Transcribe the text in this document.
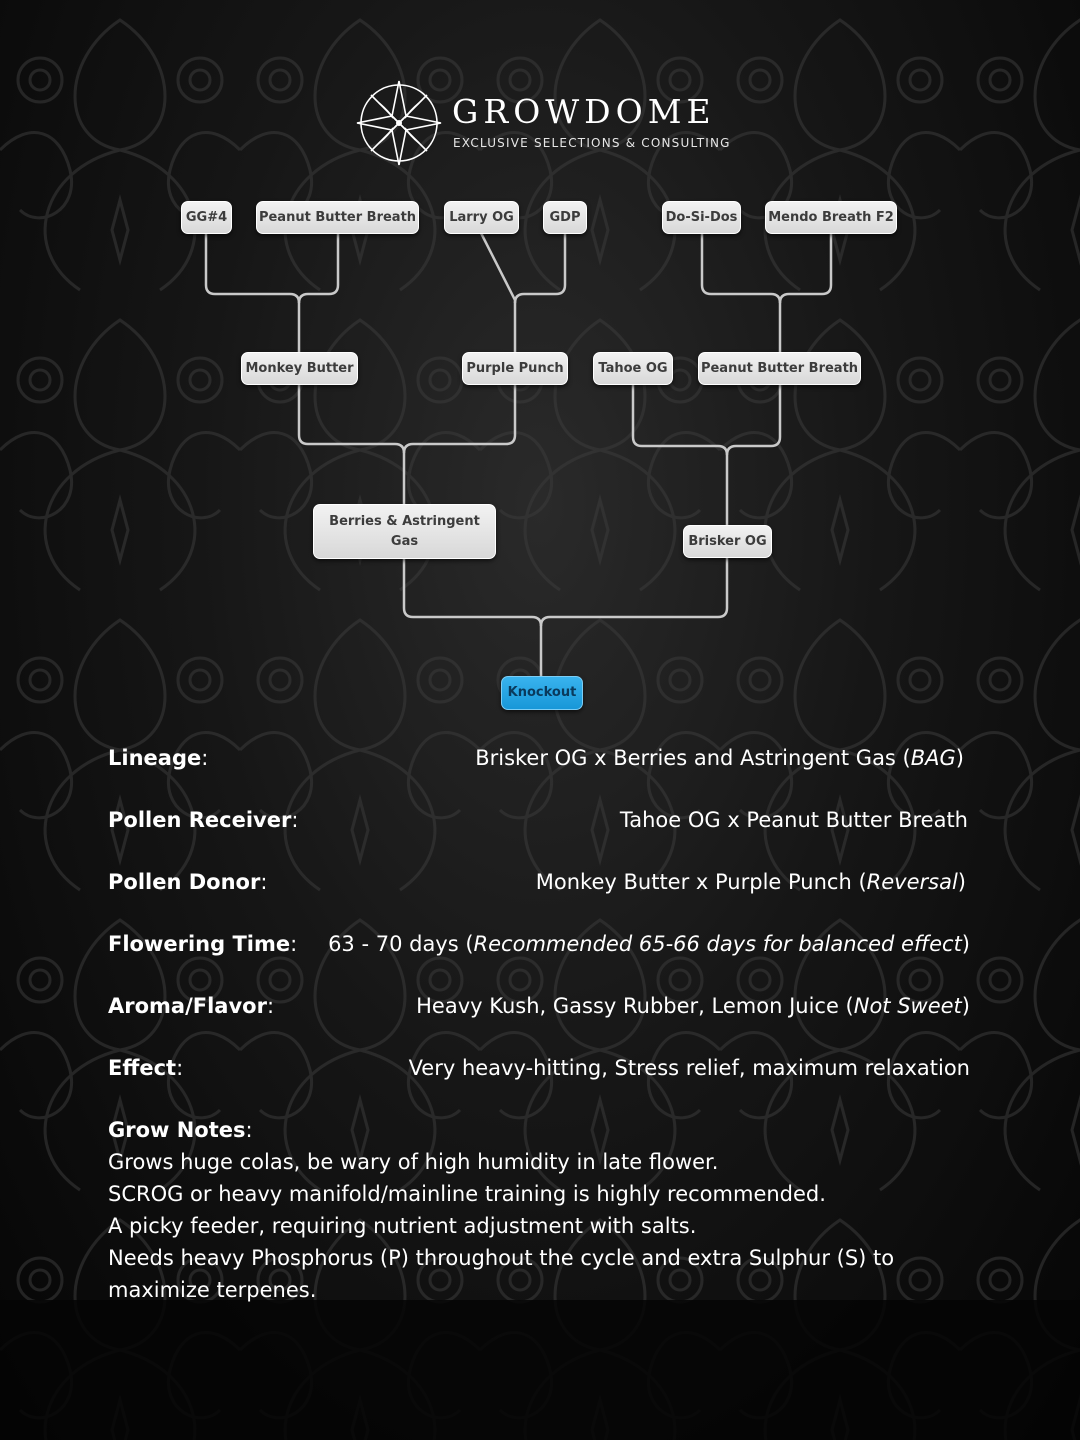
GROWDOME
EXCLUSIVE SELECTIONS & CONSULTING
GG#4	Peanut Butter Breath	Larry OG	GDP	Do-Si-Dos Mendo Breath F2
Monkey Butter	Purple Punch	Tahoe OG	Peanut Butter Breath
Berries & Astringent Gas	Brisker OG
Knockout
Lineage:	Brisker OG x Berries and Astringent Gas (BAG)
Pollen Receiver:	Tahoe OG x Peanut Butter Breath
Pollen Donor:	Monkey Butter x Purple Punch (Reversal)
Flowering Time: 63 - 70 days (Recommended 65-66 days for balanced effect)
Aroma/Flavor:	Heavy Kush, Gassy Rubber, Lemon Juice (Not Sweet)
Effect:	Very heavy-hitting, Stress relief, maximum relaxation
Grow Notes:
Grows huge colas, be wary of high humidity in late flower.
SCROG or heavy manifold/mainline training is highly recommended.
A picky feeder, requiring nutrient adjustment with salts.
Needs heavy Phosphorus (P) throughout the cycle and extra Sulphur (S) to maximize terpenes.
